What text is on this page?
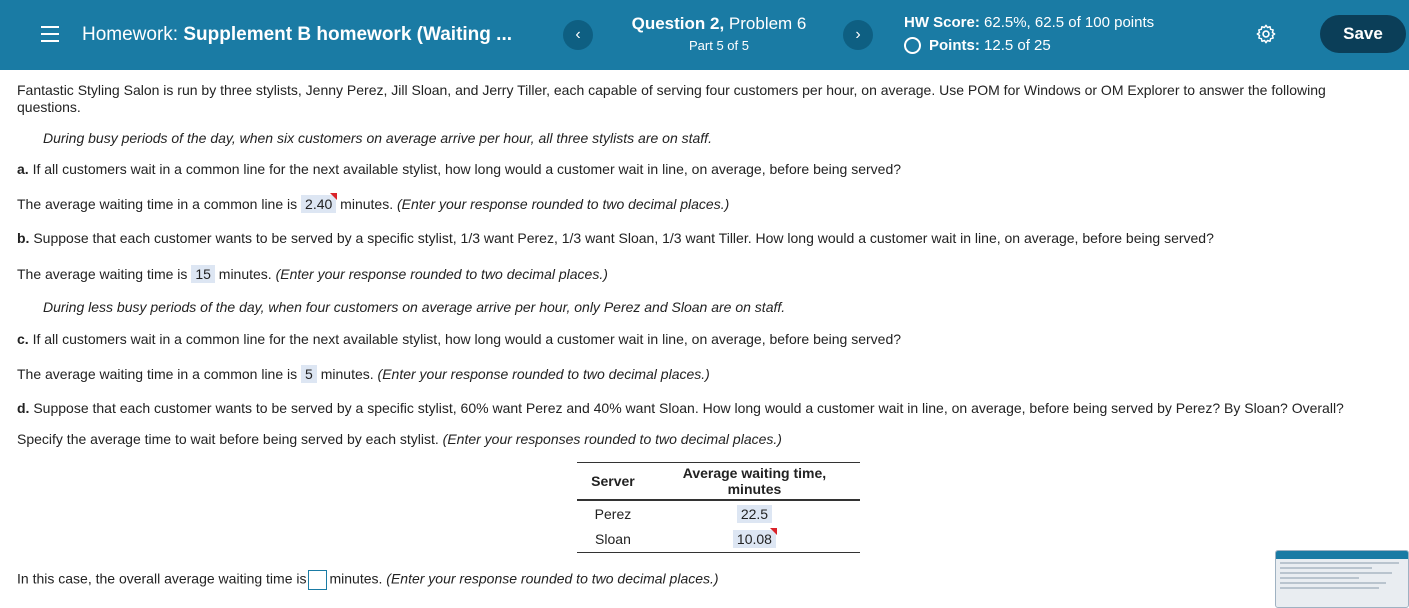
Homework: Supplement B homework (Waiting ...	‹
Question 2, Problem 6
Part 5 of 5
›
HW Score: 62.5%, 62.5 of 100 points
Points:
12.5 of 25
Save
Fantastic Styling Salon is run by three stylists, Jenny Perez, Jill Sloan, and Jerry Tiller, each capable of serving four customers per hour, on average. Use POM for Windows or OM Explorer to answer the following questions.
During busy periods of the day, when six customers on average arrive per hour, all three stylists are on staff.
a. If all customers wait in a common line for the next available stylist, how long would a customer wait in line, on average, before being served?
The average waiting time in a common line is 2.40 minutes. (Enter your response rounded to two decimal places.)
b. Suppose that each customer wants to be served by a specific stylist, 1/3 want Perez, 1/3 want Sloan, 1/3 want Tiller. How long would a customer wait in line, on average, before being served?
The average waiting time is 15 minutes. (Enter your response rounded to two decimal places.)
During less busy periods of the day, when four customers on average arrive per hour, only Perez and Sloan are on staff.
c. If all customers wait in a common line for the next available stylist, how long would a customer wait in line, on average, before being served?
The average waiting time in a common line is 5 minutes. (Enter your response rounded to two decimal places.)
d. Suppose that each customer wants to be served by a specific stylist, 60% want Perez and 40% want Sloan. How long would a customer wait in line, on average, before being served by Perez? By Sloan? Overall?
Specify the average time to wait before being served by each stylist. (Enter your responses rounded to two decimal places.)
Server	Average waiting time,
minutes
Perez	22.5
Sloan	10.08
In this case, the overall average waiting time is minutes. (Enter your response rounded to two decimal places.)
